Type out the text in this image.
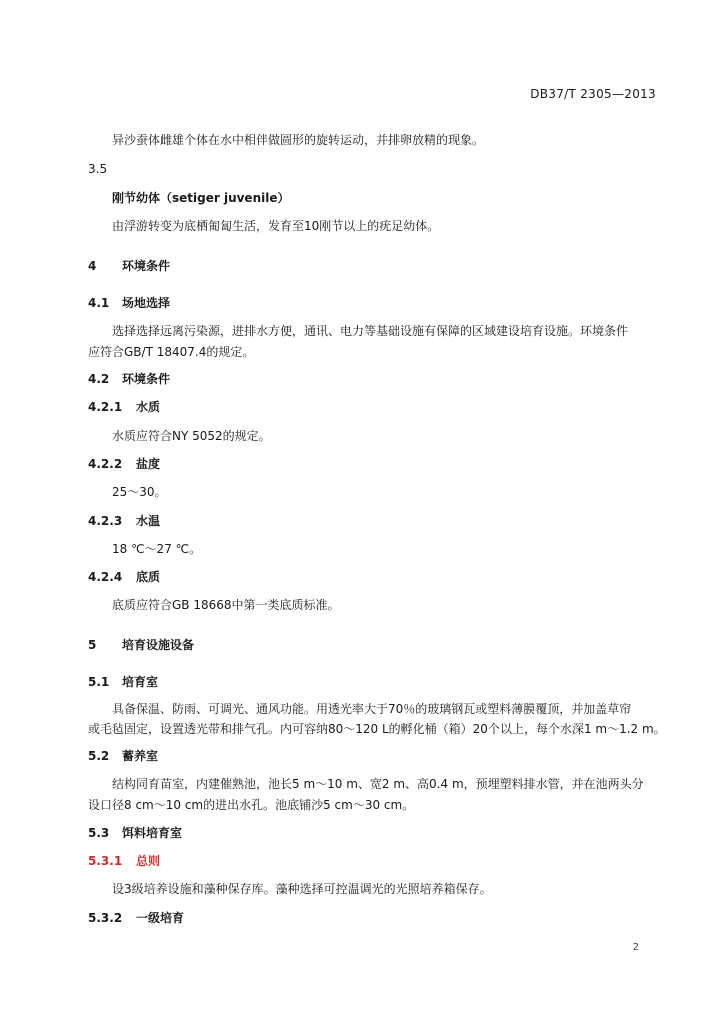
DB37/T 2305—2013
异沙蚕体雌雄个体在水中相伴做圆形的旋转运动，并排卵放精的现象。
3.5
刚节幼体（setiger juvenile）
由浮游转变为底栖匍匐生活，发育至10刚节以上的疣足幼体。
4 环境条件
4.1 场地选择
选择选择远离污染源，进排水方便，通讯、电力等基础设施有保障的区域建设培育设施。环境条件
应符合GB/T 18407.4的规定。
4.2 环境条件
4.2.1 水质
水质应符合NY 5052的规定。
4.2.2 盐度
25～30。
4.2.3 水温
18 ℃～27 ℃。
4.2.4 底质
底质应符合GB 18668中第一类底质标准。
5 培育设施设备
5.1 培育室
具备保温、防雨、可调光、通风功能。用透光率大于70％的玻璃钢瓦或塑料薄膜覆顶，并加盖草帘
或毛毡固定，设置透光带和排气孔。内可容纳80～120 L的孵化桶（箱）20个以上，每个水深1 m～1.2 m。
5.2 蓄养室
结构同育苗室，内建催熟池，池长5 m～10 m、宽2 m、高0.4 m，预埋塑料排水管，并在池两头分
设口径8 cm～10 cm的进出水孔。池底铺沙5 cm～30 cm。
5.3 饵料培育室
5.3.1 总则
设3级培养设施和藻种保存库。藻种选择可控温调光的光照培养箱保存。
5.3.2 一级培育
2
